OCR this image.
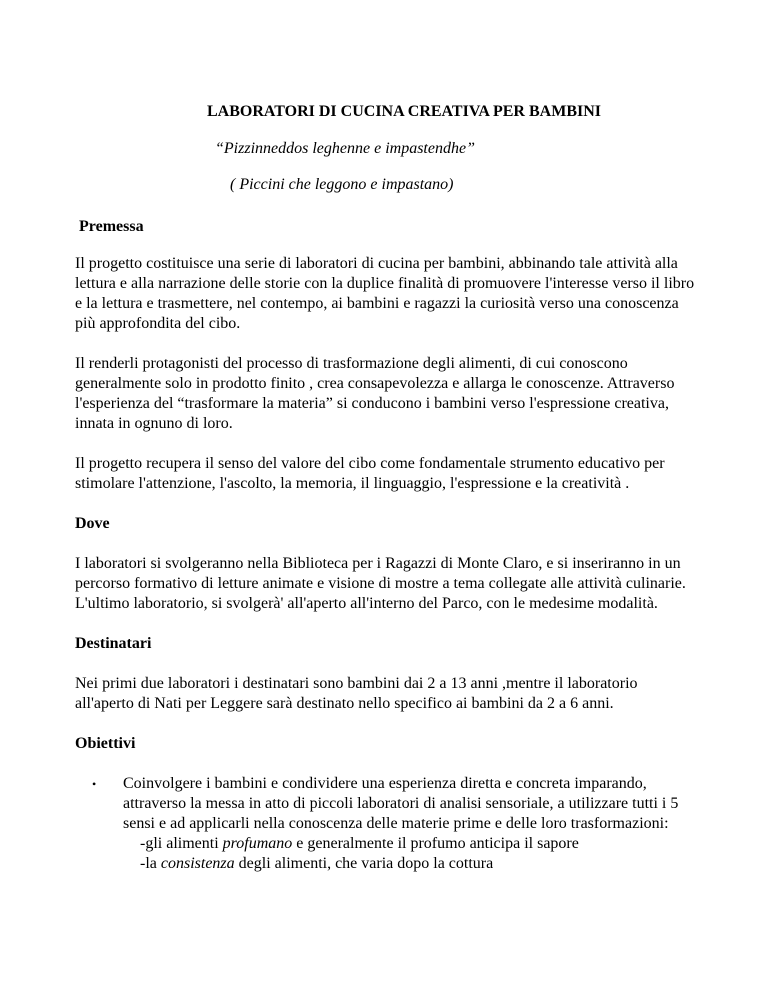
LABORATORI DI CUCINA CREATIVA PER BAMBINI

“Pizzinneddos leghenne e impastendhe”

( Piccini che leggono e impastano)

Premessa

Il progetto costituisce una serie di laboratori di cucina per bambini, abbinando tale attività alla lettura e alla narrazione delle storie con la duplice finalità di promuovere l'interesse verso il libro e la lettura e trasmettere, nel contempo, ai bambini e ragazzi la curiosità verso una conoscenza più approfondita del cibo.

Il renderli protagonisti del processo di trasformazione degli alimenti, di cui conoscono generalmente solo in prodotto finito , crea consapevolezza e allarga le conoscenze. Attraverso l'esperienza del “trasformare la materia” si conducono i bambini verso l'espressione creativa, innata in ognuno di loro.

Il progetto recupera il senso del valore del cibo come fondamentale strumento educativo per stimolare l'attenzione, l'ascolto, la memoria, il linguaggio, l'espressione e la creatività .

Dove

I laboratori si svolgeranno nella Biblioteca per i Ragazzi di Monte Claro, e si inseriranno in un percorso formativo di letture animate e visione di mostre a tema collegate alle attività culinarie. L'ultimo laboratorio, si svolgerà' all'aperto all'interno del Parco, con le medesime modalità.

Destinatari

Nei primi due laboratori i destinatari sono bambini dai 2 a 13 anni ,mentre il laboratorio all'aperto di Nati per Leggere sarà destinato nello specifico ai bambini da 2 a 6 anni.

Obiettivi

• Coinvolgere i bambini e condividere una esperienza diretta e concreta imparando, attraverso la messa in atto di piccoli laboratori di analisi sensoriale, a utilizzare tutti i 5 sensi e ad applicarli nella conoscenza delle materie prime e delle loro trasformazioni:

-gli alimenti profumano e generalmente il profumo anticipa il sapore

-la consistenza degli alimenti, che varia dopo la cottura
